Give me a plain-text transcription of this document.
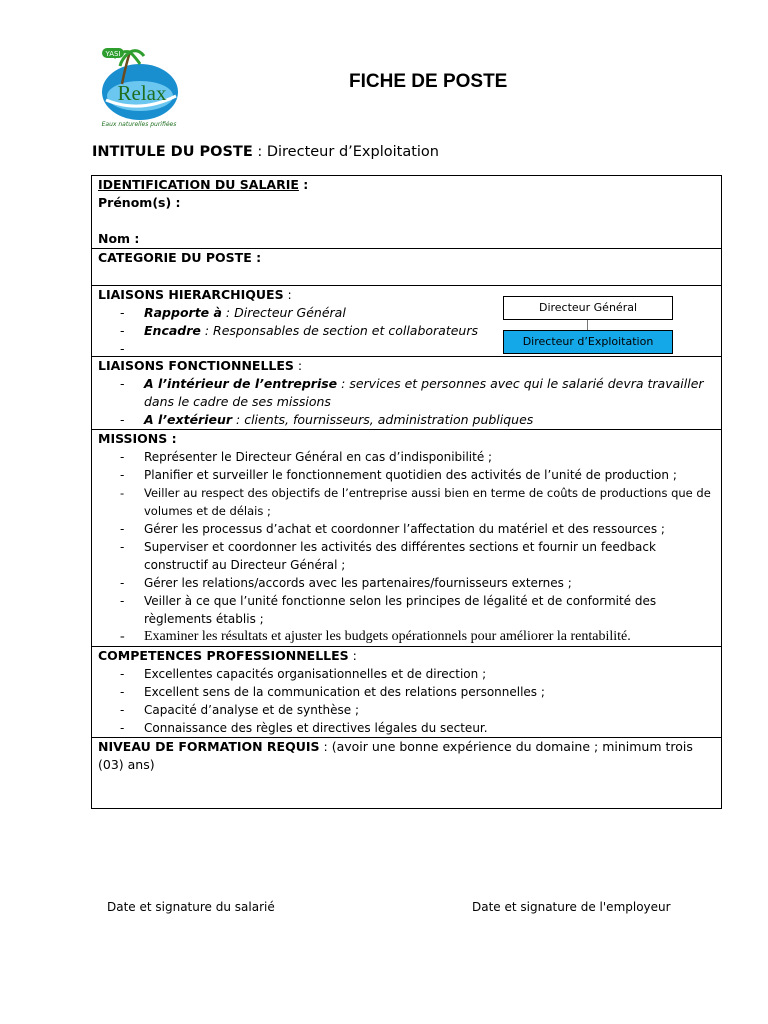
YASI
Relax
Eaux naturelles purifiées
FICHE DE POSTE
INTITULE DU POSTE : Directeur d’Exploitation
IDENTIFICATION DU SALARIE :
Prénom(s) :
Nom :

CATEGORIE DU POSTE :

LIAISONS HIERARCHIQUES :
- Rapporte à : Directeur Général
- Encadre : Responsables de section et collaborateurs
Directeur Général
Directeur d’Exploitation

LIAISONS FONCTIONNELLES :
- A l’intérieur de l’entreprise : services et personnes avec qui le salarié devra travailler dans le cadre de ses missions
- A l’extérieur : clients, fournisseurs, administration publiques

MISSIONS :
- Représenter le Directeur Général en cas d’indisponibilité ;
- Planifier et surveiller le fonctionnement quotidien des activités de l’unité de production ;
- Veiller au respect des objectifs de l’entreprise aussi bien en terme de coûts de productions que de volumes et de délais ;
- Gérer les processus d’achat et coordonner l’affectation du matériel et des ressources ;
- Superviser et coordonner les activités des différentes sections et fournir un feedback constructif au Directeur Général ;
- Gérer les relations/accords avec les partenaires/fournisseurs externes ;
- Veiller à ce que l’unité fonctionne selon les principes de légalité et de conformité des règlements établis ;
- Examiner les résultats et ajuster les budgets opérationnels pour améliorer la rentabilité.

COMPETENCES PROFESSIONNELLES :
- Excellentes capacités organisationnelles et de direction ;
- Excellent sens de la communication et des relations personnelles ;
- Capacité d’analyse et de synthèse ;
- Connaissance des règles et directives légales du secteur.

NIVEAU DE FORMATION REQUIS : (avoir une bonne expérience du domaine ; minimum trois (03) ans)
Date et signature du salarié	Date et signature de l'employeur
